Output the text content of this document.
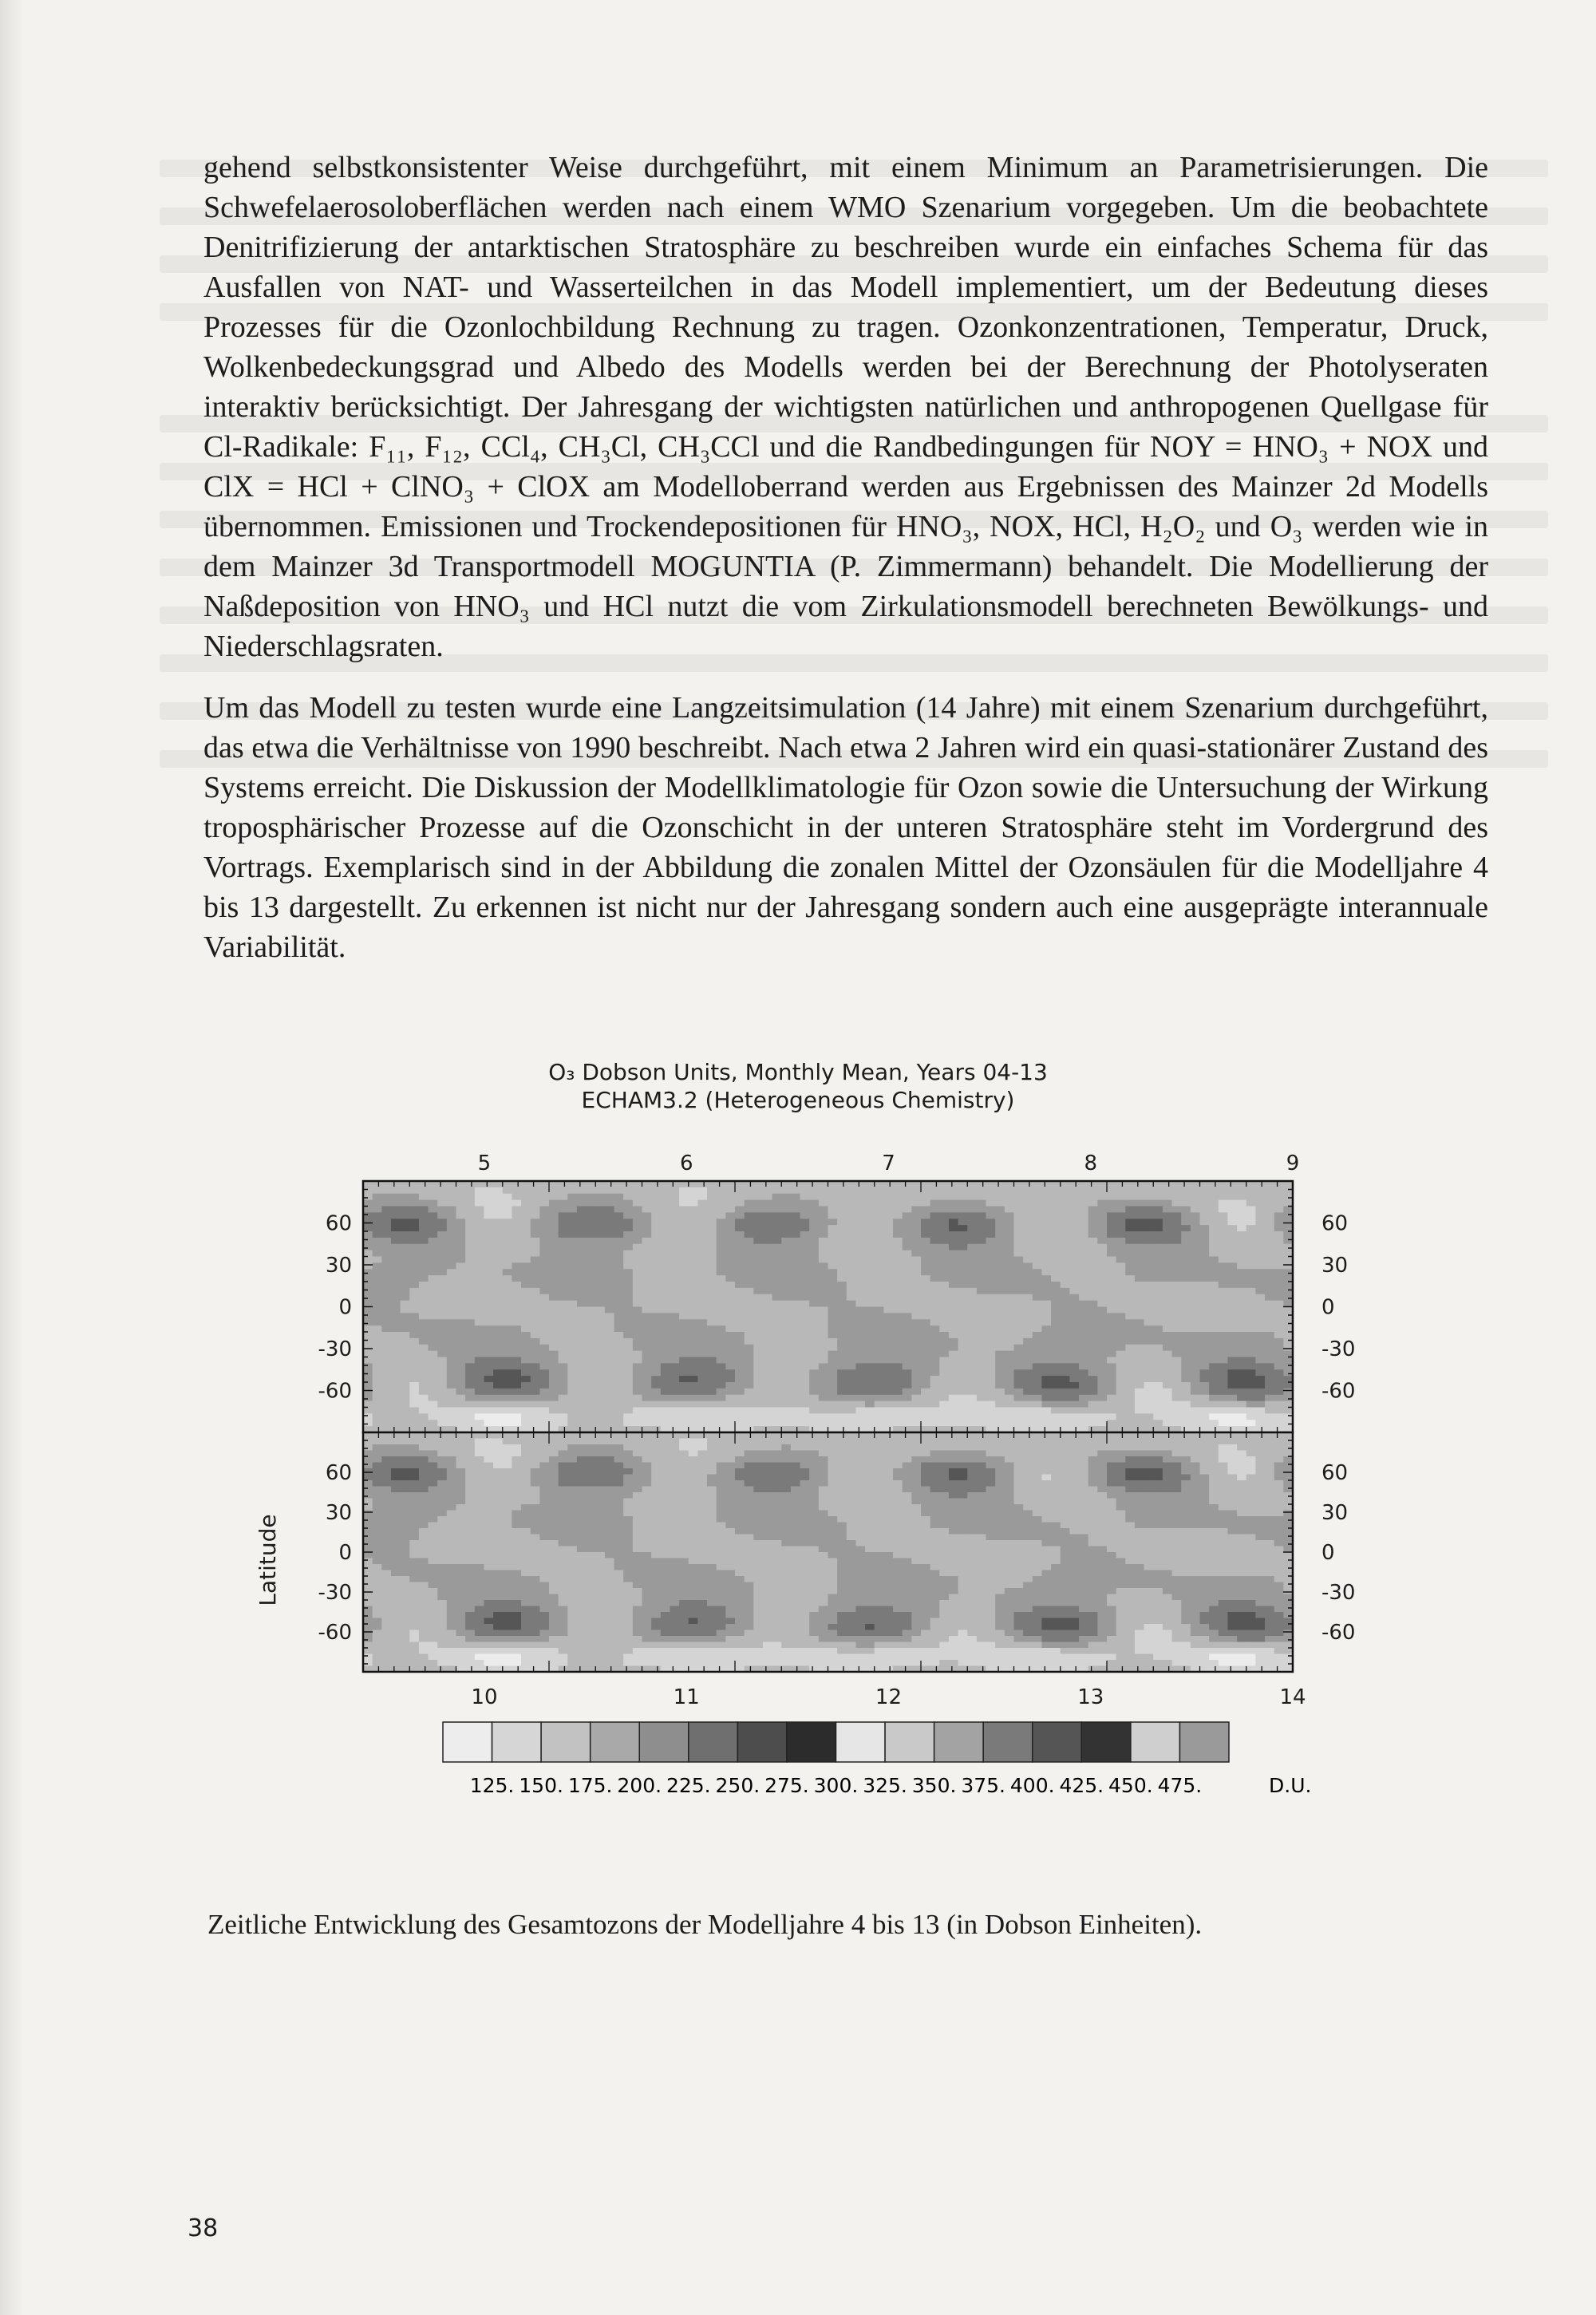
gehend selbstkonsistenter Weise durchgeführt, mit einem Minimum an Parametrisierungen. Die Schwefelaerosoloberflächen werden nach einem WMO Szenarium vorgegeben. Um die beobachtete Denitrifizierung der antarktischen Stratosphäre zu beschreiben wurde ein einfaches Schema für das Ausfallen von NAT- und Wasserteilchen in das Modell implementiert, um der Bedeutung dieses Prozesses für die Ozonlochbildung Rechnung zu tragen. Ozonkonzentrationen, Temperatur, Druck, Wolkenbedeckungsgrad und Albedo des Modells werden bei der Berechnung der Photolyseraten interaktiv berücksichtigt. Der Jahresgang der wichtigsten natürlichen und anthropogenen Quellgase für Cl-Radikale: F₁₁, F₁₂, CCl₄, CH₃Cl, CH₃CCl und die Randbedingungen für NOY = HNO₃ + NOX und ClX = HCl + ClNO₃ + ClOX am Modelloberrand werden aus Ergebnissen des Mainzer 2d Modells übernommen. Emissionen und Trockendepositionen für HNO₃, NOX, HCl, H₂O₂ und O₃ werden wie in dem Mainzer 3d Transportmodell MOGUNTIA (P. Zimmermann) behandelt. Die Modellierung der Naßdeposition von HNO₃ und HCl nutzt die vom Zirkulationsmodell berechneten Bewölkungs- und Niederschlagsraten.

Um das Modell zu testen wurde eine Langzeitsimulation (14 Jahre) mit einem Szenarium durchgeführt, das etwa die Verhältnisse von 1990 beschreibt. Nach etwa 2 Jahren wird ein quasi-stationärer Zustand des Systems erreicht. Die Diskussion der Modellklimatologie für Ozon sowie die Untersuchung der Wirkung troposphärischer Prozesse auf die Ozonschicht in der unteren Stratosphäre steht im Vordergrund des Vortrags. Exemplarisch sind in der Abbildung die zonalen Mittel der Ozonsäulen für die Modelljahre 4 bis 13 dargestellt. Zu erkennen ist nicht nur der Jahresgang sondern auch eine ausgeprägte interannuale Variabilität.

O₃ Dobson Units, Monthly Mean, Years 04-13
ECHAM3.2 (Heterogeneous Chemistry)
60	60
30	30
0	0
-30	-30
-60	-60
5	6	7	8	9
60	60
30	30
0	0
-30	-30
-60	-60
10	11	12	13	14
Latitude
125. 150. 175. 200. 225. 250. 275. 300. 325. 350. 375. 400. 425. 450. 475.	D.U.
Zeitliche Entwicklung des Gesamtozons der Modelljahre 4 bis 13 (in Dobson Einheiten).
38
